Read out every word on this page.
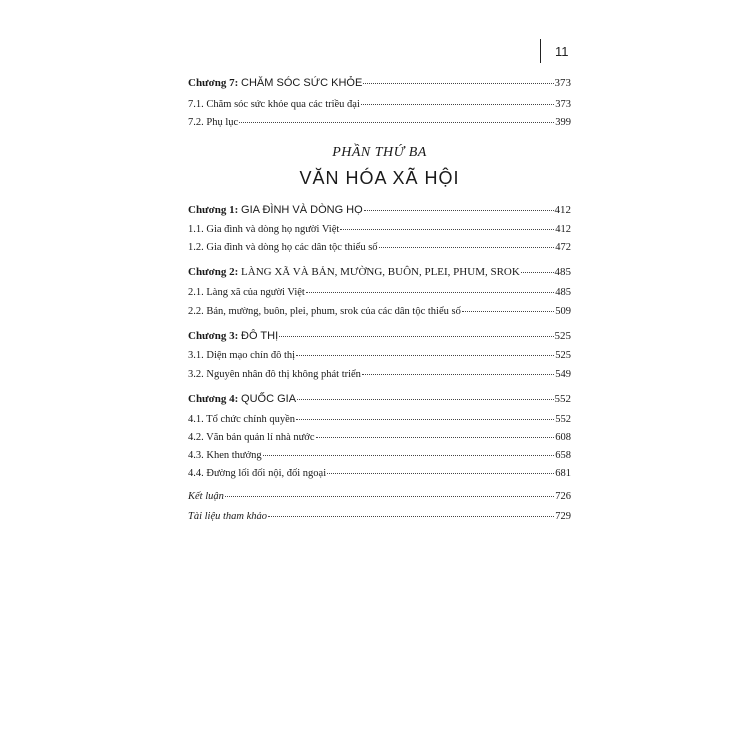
11
Chương 7: CHĂM SÓC SỨC KHỎE	373
7.1. Chăm sóc sức khỏe qua các triều đại	373
7.2. Phụ lục	399
PHẦN THỨ BA
VĂN HÓA XÃ HỘI
Chương 1: GIA ĐÌNH VÀ DÒNG HỌ	412
1.1. Gia đình và dòng họ người Việt	412
1.2. Gia đình và dòng họ các dân tộc thiểu số	472
Chương 2: LÀNG XÃ VÀ BẢN, MƯỜNG, BUÔN, PLEI, PHUM, SROK	485
2.1. Làng xã của người Việt	485
2.2. Bản, mường, buôn, plei, phum, srok của các dân tộc thiểu số	509
Chương 3: ĐÔ THỊ	525
3.1. Diện mạo chín đô thị	525
3.2. Nguyên nhân đô thị không phát triển	549
Chương 4: QUỐC GIA	552
4.1. Tổ chức chính quyền	552
4.2. Văn bản quản lí nhà nước	608
4.3. Khen thưởng	658
4.4. Đường lối đối nội, đối ngoại	681
Kết luận	726
Tài liệu tham khảo	729
